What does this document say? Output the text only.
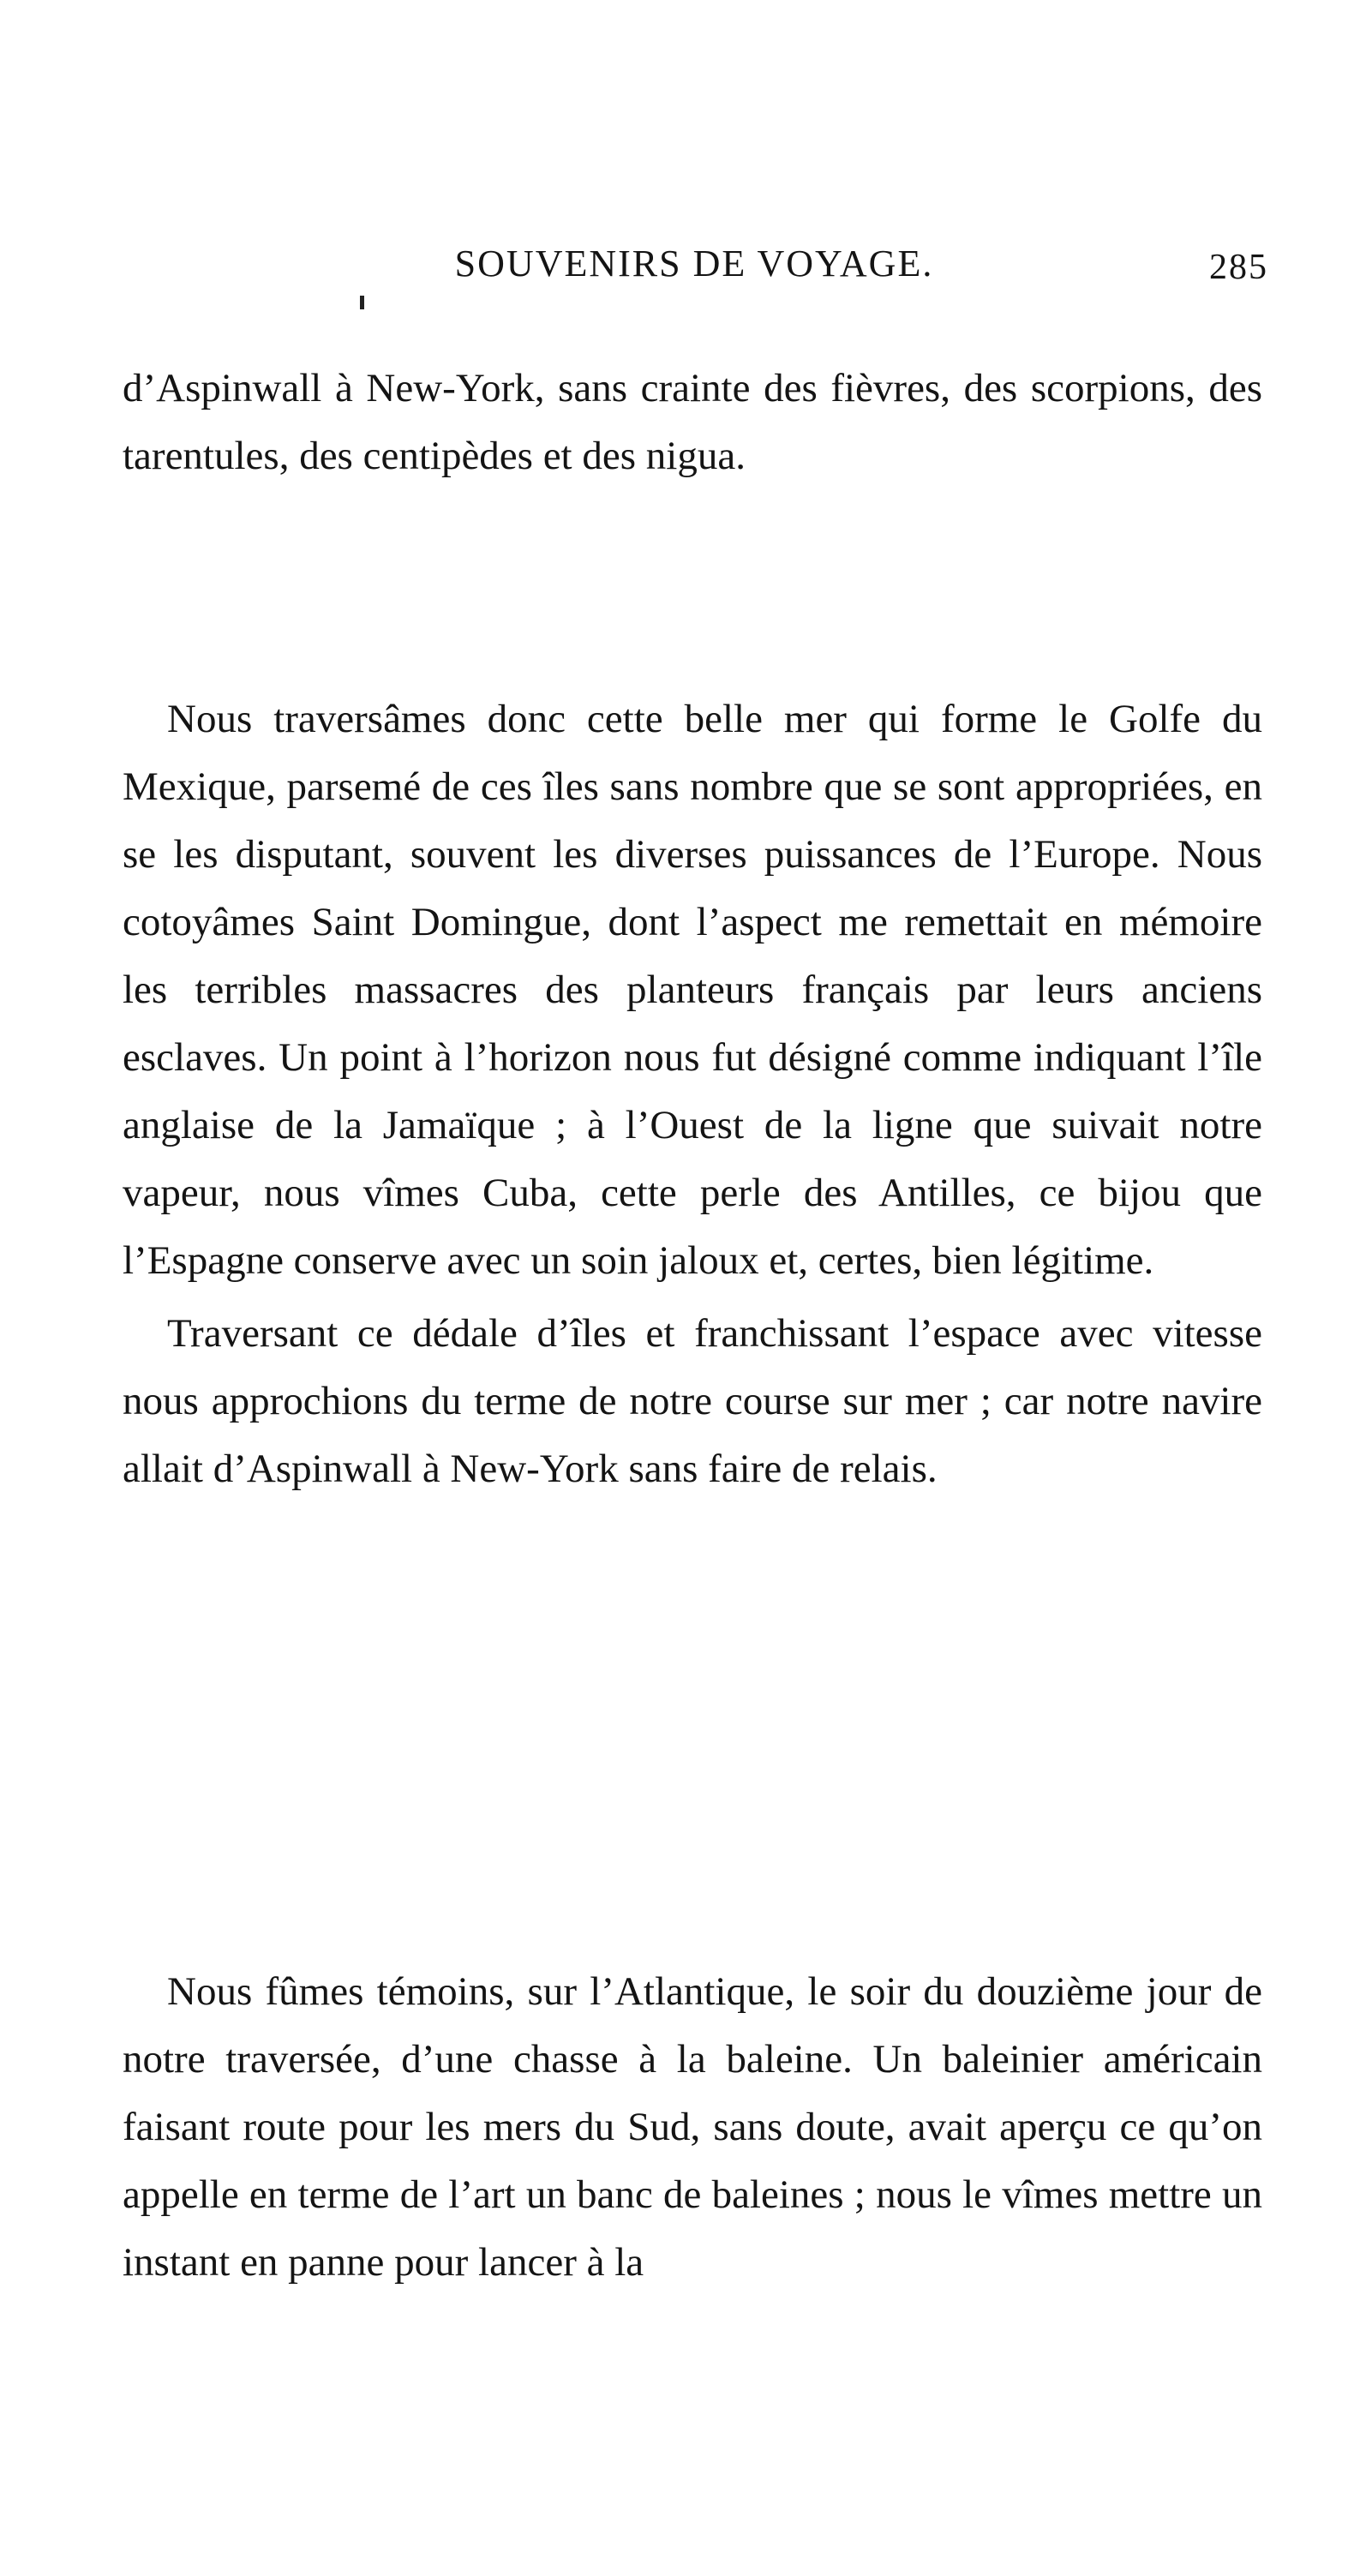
SOUVENIRS DE VOYAGE.	285

d’Aspinwall à New-York, sans crainte des fièvres, des scorpions, des tarentules, des centipèdes et des nigua.

Nous traversâmes donc cette belle mer qui forme le Golfe du Mexique, parsemé de ces îles sans nombre que se sont appropriées, en se les disputant, souvent les diverses puissances de l’Europe. Nous cotoyâmes Saint Domingue, dont l’aspect me remettait en mémoire les terribles massacres des planteurs français par leurs anciens esclaves. Un point à l’horizon nous fut désigné comme indiquant l’île anglaise de la Jamaïque ; à l’Ouest de la ligne que suivait notre vapeur, nous vîmes Cuba, cette perle des Antilles, ce bijou que l’Espagne conserve avec un soin jaloux et, certes, bien légitime.

Traversant ce dédale d’îles et franchissant l’espace avec vitesse nous approchions du terme de notre course sur mer ; car notre navire allait d’Aspinwall à New-York sans faire de relais.

Nous fûmes témoins, sur l’Atlantique, le soir du douzième jour de notre traversée, d’une chasse à la baleine. Un baleinier américain faisant route pour les mers du Sud, sans doute, avait aperçu ce qu’on appelle en terme de l’art un banc de baleines ; nous le vîmes mettre un instant en panne pour lancer à la
